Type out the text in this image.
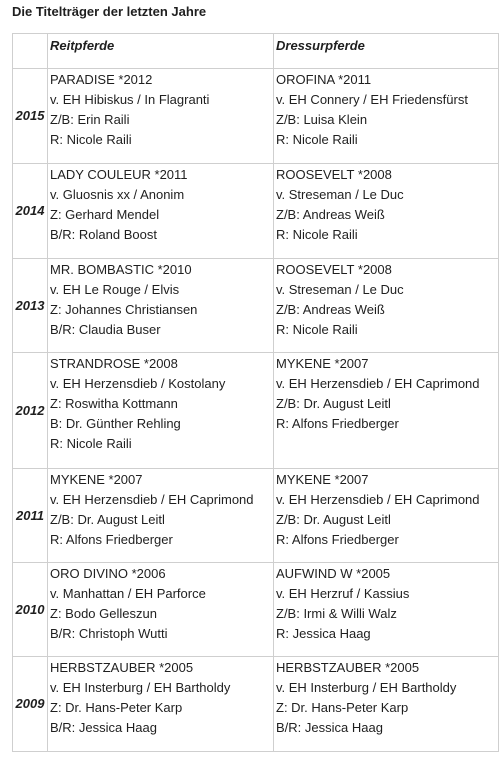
Die Titelträger der letzten Jahre
	Reitpferde	Dressurpferde
2015	PARADISE *2012
v. EH Hibiskus / In Flagranti
Z/B: Erin Raili
R: Nicole Raili	OROFINA *2011
v. EH Connery / EH Friedensfürst
Z/B: Luisa Klein
R: Nicole Raili

2014	LADY COULEUR *2011
v. Gluosnis xx / Anonim
Z: Gerhard Mendel
B/R: Roland Boost	ROOSEVELT *2008
v. Streseman / Le Duc
Z/B: Andreas Weiß
R: Nicole Raili

2013	MR. BOMBASTIC *2010
v. EH Le Rouge / Elvis
Z: Johannes Christiansen
B/R: Claudia Buser	ROOSEVELT *2008
v. Streseman / Le Duc
Z/B: Andreas Weiß
R: Nicole Raili

2012	STRANDROSE *2008
v. EH Herzensdieb / Kostolany
Z: Roswitha Kottmann
B: Dr. Günther Rehling
R: Nicole Raili	MYKENE *2007
v. EH Herzensdieb / EH Caprimond
Z/B: Dr. August Leitl
R: Alfons Friedberger

2011	MYKENE *2007
v. EH Herzensdieb / EH Caprimond
Z/B: Dr. August Leitl
R: Alfons Friedberger	MYKENE *2007
v. EH Herzensdieb / EH Caprimond
Z/B: Dr. August Leitl
R: Alfons Friedberger

2010	ORO DIVINO *2006
v. Manhattan / EH Parforce
Z: Bodo Gelleszun
B/R: Christoph Wutti	AUFWIND W *2005
v. EH Herzruf / Kassius
Z/B: Irmi & Willi Walz
R: Jessica Haag

2009	HERBSTZAUBER *2005
v. EH Insterburg / EH Bartholdy
Z: Dr. Hans-Peter Karp
B/R: Jessica Haag	HERBSTZAUBER *2005
v. EH Insterburg / EH Bartholdy
Z: Dr. Hans-Peter Karp
B/R: Jessica Haag
